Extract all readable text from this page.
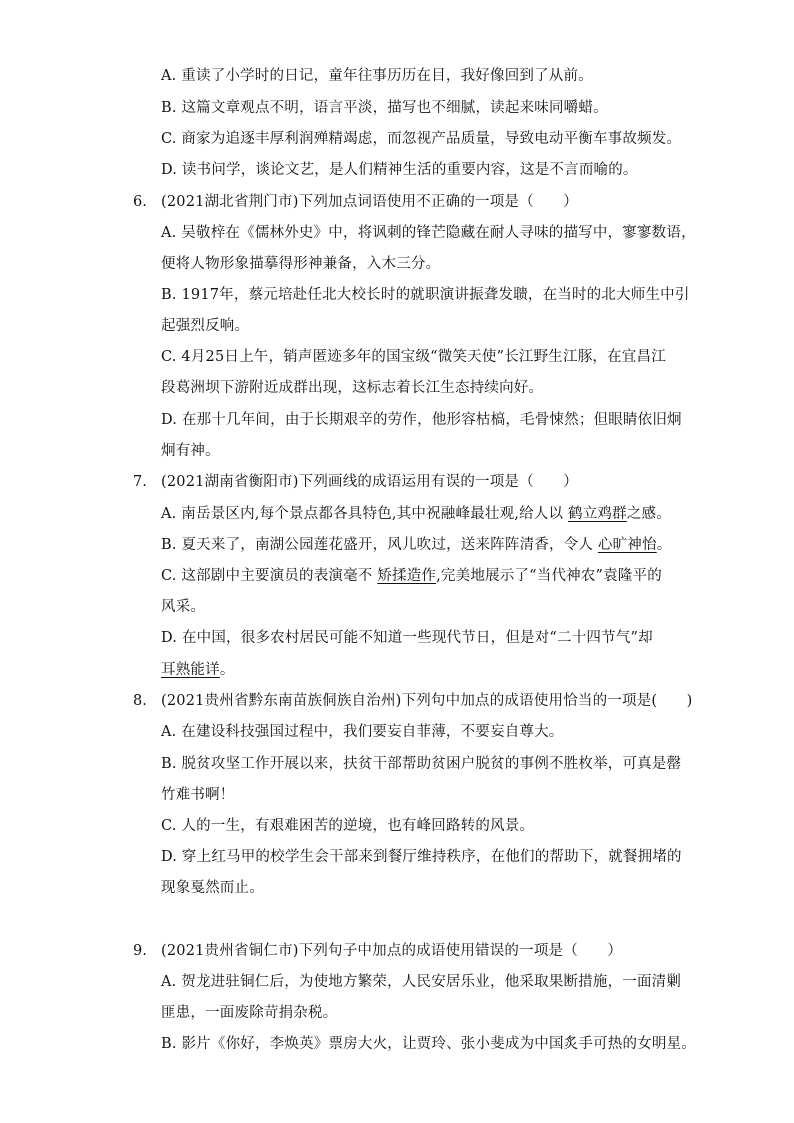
A. 重读了小学时的日记，童年往事历历在目，我好像回到了从前。
B. 这篇文章观点不明，语言平淡，描写也不细腻，读起来味同嚼蜡。
C. 商家为追逐丰厚利润殚精竭虑，而忽视产品质量，导致电动平衡车事故频发。
D. 读书问学，谈论文艺，是人们精神生活的重要内容，这是不言而喻的。
6. (2021湖北省荆门市)下列加点词语使用不正确的一项是（　　）
A. 吴敬梓在《儒林外史》中，将讽刺的锋芒隐藏在耐人寻味的描写中，寥寥数语，
便将人物形象描摹得形神兼备，入木三分。
B. 1917年，蔡元培赴任北大校长时的就职演讲振聋发聩，在当时的北大师生中引
起强烈反响。
C. 4月25日上午，销声匿迹多年的国宝级“微笑天使”长江野生江豚，在宜昌江
段葛洲坝下游附近成群出现，这标志着长江生态持续向好。
D. 在那十几年间，由于长期艰辛的劳作，他形容枯槁，毛骨悚然；但眼睛依旧炯
炯有神。
7. (2021湖南省衡阳市)下列画线的成语运用有误的一项是（　　）
A. 南岳景区内,每个景点都各具特色,其中祝融峰最壮观,给人以 鹤立鸡群之感。
B. 夏天来了，南湖公园莲花盛开，风儿吹过，送来阵阵清香，令人 心旷神怡。
C. 这部剧中主要演员的表演毫不 矫揉造作,完美地展示了“当代神农”袁隆平的
风采。
D. 在中国，很多农村居民可能不知道一些现代节日，但是对“二十四节气”却
耳熟能详。
8. (2021贵州省黔东南苗族侗族自治州)下列句中加点的成语使用恰当的一项是(　　)
A. 在建设科技强国过程中，我们要妄自菲薄，不要妄自尊大。
B. 脱贫攻坚工作开展以来，扶贫干部帮助贫困户脱贫的事例不胜枚举，可真是罄
竹难书啊！
C. 人的一生，有艰难困苦的逆境，也有峰回路转的风景。
D. 穿上红马甲的校学生会干部来到餐厅维持秩序，在他们的帮助下，就餐拥堵的
现象戛然而止。
9. (2021贵州省铜仁市)下列句子中加点的成语使用错误的一项是（　　）
A. 贺龙进驻铜仁后，为使地方繁荣，人民安居乐业，他采取果断措施，一面清剿
匪患，一面废除苛捐杂税。
B. 影片《你好，李焕英》票房大火，让贾玲、张小斐成为中国炙手可热的女明星。
